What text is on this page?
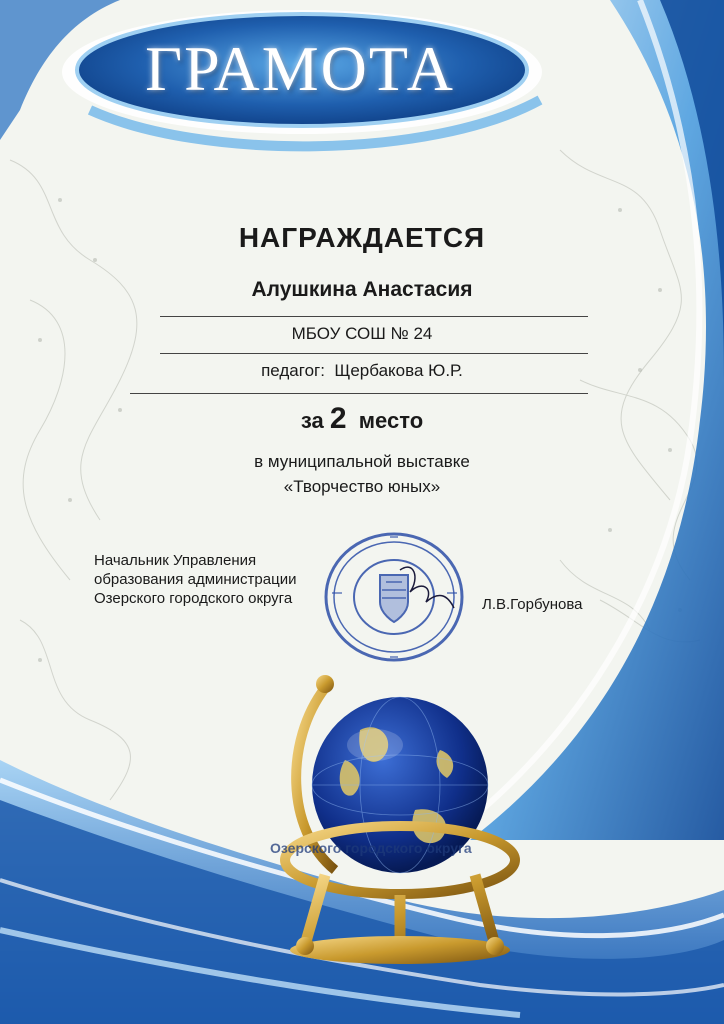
ГРАМОТА

НАГРАЖДАЕТСЯ

Алушкина Анастасия

МБОУ СОШ № 24

педагог: Щербакова Ю.Р.

за 2 место

в муниципальной выставке

«Творчество юных»

Начальник Управления
образования администрации
Озерского городского округа	Л.В.Горбунова
Озерского городского округа
